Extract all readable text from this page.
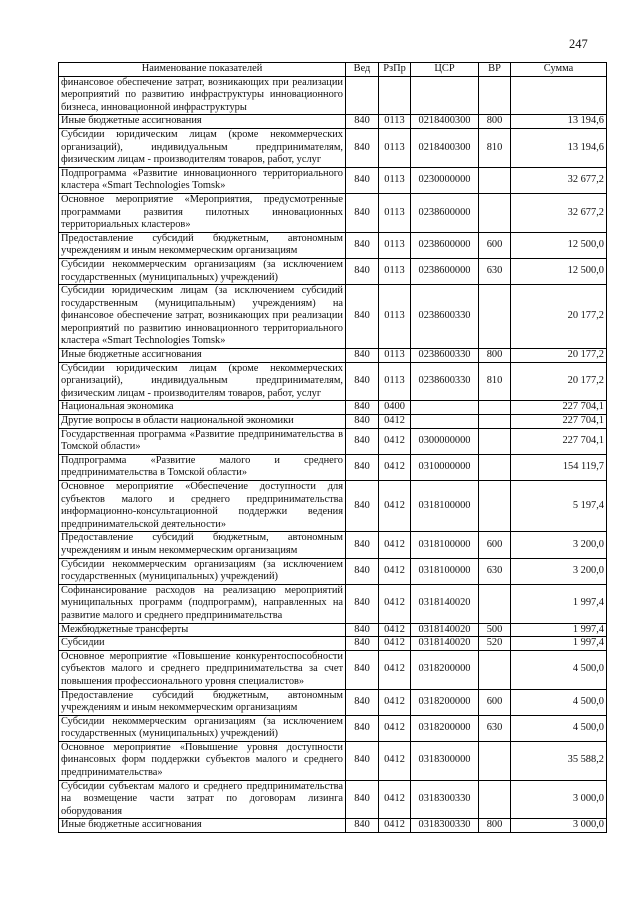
247
Наименование показателей	Вед	РзПр	ЦСР	ВР	Сумма
финансовое обеспечение затрат, возникающих при реализации мероприятий по развитию инфраструктуры инновационного бизнеса, инновационной инфраструктуры					
Иные бюджетные ассигнования	840	0113	0218400300	800	13 194,6
Субсидии юридическим лицам (кроме некоммерческих организаций), индивидуальным предпринимателям, физическим лицам - производителям товаров, работ, услуг	840	0113	0218400300	810	13 194,6
Подпрограмма «Развитие инновационного территориального кластера «Smart Technologies Tomsk»	840	0113	0230000000		32 677,2
Основное мероприятие «Мероприятия, предусмотренные программами развития пилотных инновационных территориальных кластеров»	840	0113	0238600000		32 677,2
Предоставление субсидий бюджетным, автономным учреждениям и иным некоммерческим организациям	840	0113	0238600000	600	12 500,0
Субсидии некоммерческим организациям (за исключением государственных (муниципальных) учреждений)	840	0113	0238600000	630	12 500,0
Субсидии юридическим лицам (за исключением субсидий государственным (муниципальным) учреждениям) на финансовое обеспечение затрат, возникающих при реализации мероприятий по развитию инновационного территориального кластера «Smart Technologies Tomsk»	840	0113	0238600330		20 177,2
Иные бюджетные ассигнования	840	0113	0238600330	800	20 177,2
Субсидии юридическим лицам (кроме некоммерческих организаций), индивидуальным предпринимателям, физическим лицам - производителям товаров, работ, услуг	840	0113	0238600330	810	20 177,2
Национальная экономика	840	0400			227 704,1
Другие вопросы в области национальной экономики	840	0412			227 704,1
Государственная программа «Развитие предпринимательства в Томской области»	840	0412	0300000000		227 704,1
Подпрограмма «Развитие малого и среднего предпринимательства в Томской области»	840	0412	0310000000		154 119,7
Основное мероприятие «Обеспечение доступности для субъектов малого и среднего предпринимательства информационно-консультационной поддержки ведения предпринимательской деятельности»	840	0412	0318100000		5 197,4
Предоставление субсидий бюджетным, автономным учреждениям и иным некоммерческим организациям	840	0412	0318100000	600	3 200,0
Субсидии некоммерческим организациям (за исключением государственных (муниципальных) учреждений)	840	0412	0318100000	630	3 200,0
Софинансирование расходов на реализацию мероприятий муниципальных программ (подпрограмм), направленных на развитие малого и среднего предпринимательства	840	0412	0318140020		1 997,4
Межбюджетные трансферты	840	0412	0318140020	500	1 997,4
Субсидии	840	0412	0318140020	520	1 997,4
Основное мероприятие «Повышение конкурентоспособности субъектов малого и среднего предпринимательства за счет повышения профессионального уровня специалистов»	840	0412	0318200000		4 500,0
Предоставление субсидий бюджетным, автономным учреждениям и иным некоммерческим организациям	840	0412	0318200000	600	4 500,0
Субсидии некоммерческим организациям (за исключением государственных (муниципальных) учреждений)	840	0412	0318200000	630	4 500,0
Основное мероприятие «Повышение уровня доступности финансовых форм поддержки субъектов малого и среднего предпринимательства»	840	0412	0318300000		35 588,2
Субсидии субъектам малого и среднего предпринимательства на возмещение части затрат по договорам лизинга оборудования	840	0412	0318300330		3 000,0
Иные бюджетные ассигнования	840	0412	0318300330	800	3 000,0
